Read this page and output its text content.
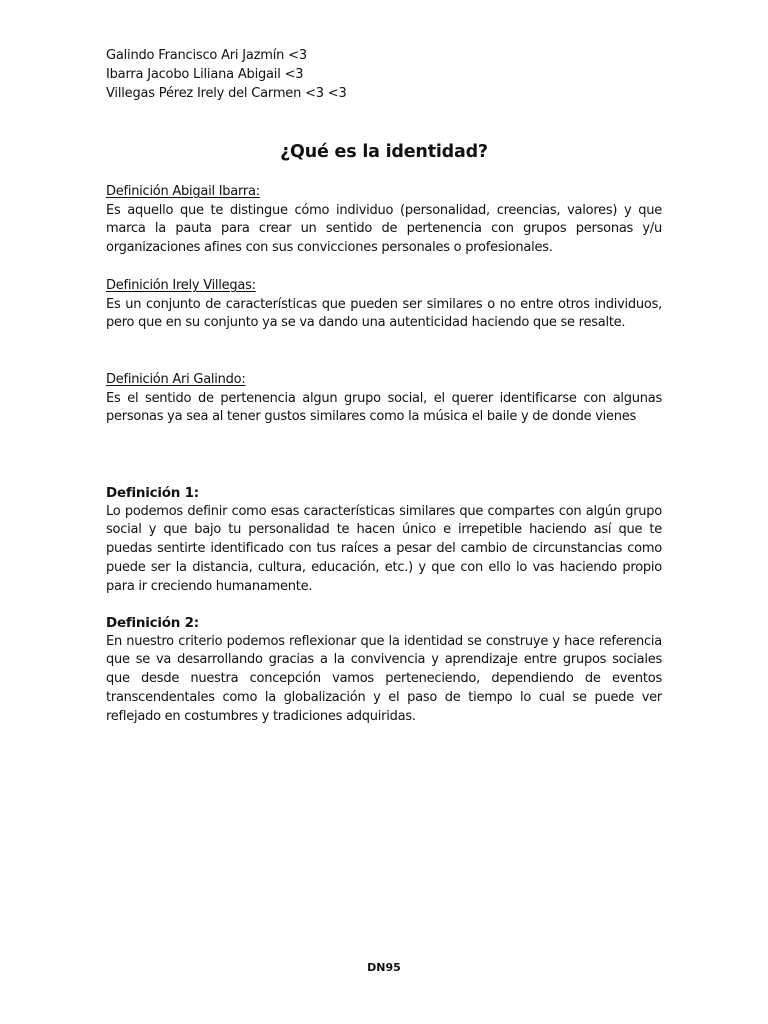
Galindo Francisco Ari Jazmín <3
Ibarra Jacobo Liliana Abigail <3
Villegas Pérez Irely del Carmen <3 <3
¿Qué es la identidad?
Definición Abigail Ibarra:
Es aquello que te distingue cómo individuo (personalidad, creencias, valores) y que marca la pauta para crear un sentido de pertenencia con grupos personas y/u organizaciones afines con sus convicciones personales o profesionales.
Definición Irely Villegas:
Es un conjunto de características que pueden ser similares o no entre otros individuos, pero que en su conjunto ya se va dando una autenticidad haciendo que se resalte.
Definición Ari Galindo:
Es el sentido de pertenencia algun grupo social, el querer identificarse con algunas personas ya sea al tener gustos similares como la música el baile y de donde vienes
Definición 1:
Lo podemos definir como esas características similares que compartes con algún grupo social y que bajo tu personalidad te hacen único e irrepetible haciendo así que te puedas sentirte identificado con tus raíces a pesar del cambio de circunstancias como puede ser la distancia, cultura, educación, etc.) y que con ello lo vas haciendo propio para ir creciendo humanamente.
Definición 2:
En nuestro criterio podemos reflexionar que la identidad se construye y hace referencia que se va desarrollando gracias a la convivencia y aprendizaje entre grupos sociales que desde nuestra concepción vamos perteneciendo, dependiendo de eventos transcendentales como la globalización y el paso de tiempo lo cual se puede ver reflejado en costumbres y tradiciones adquiridas.
DN95
